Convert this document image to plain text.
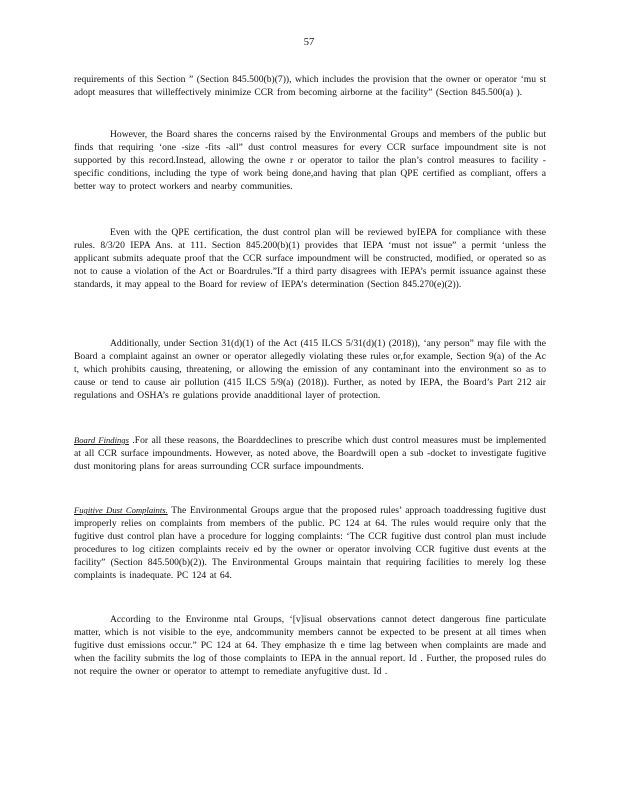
57

requirements of this Section ” (Section 845.500(b)(7)), which includes the provision that the owner or operator ‘mu st adopt measures that willeffectively minimize CCR from becoming airborne at the facility” (Section 845.500(a) ).

However, the Board shares the concerns raised by the Environmental Groups and members of the public but finds that requiring ‘one -size -fits -all” dust control measures for every CCR surface impoundment site is not supported by this record.Instead, allowing the owne r or operator to tailor the plan’s control measures to facility -specific conditions, including the type of work being done,and having that plan QPE certified as compliant, offers a better way to protect workers and nearby communities.

Even with the QPE certification, the dust control plan will be reviewed byIEPA for compliance with these rules. 8/3/20 IEPA Ans. at 111. Section 845.200(b)(1) provides that IEPA ‘must not issue” a permit ‘unless the applicant submits adequate proof that the CCR surface impoundment will be constructed, modified, or operated so as not to cause a violation of the Act or Boardrules.”If a third party disagrees with IEPA’s permit issuance against these standards, it may appeal to the Board for review of IEPA’s determination (Section 845.270(e)(2)).

Additionally, under Section 31(d)(1) of the Act (415 ILCS 5/31(d)(1) (2018)), ‘any person” may file with the Board a complaint against an owner or operator allegedly violating these rules or,for example, Section 9(a) of the Ac t, which prohibits causing, threatening, or allowing the emission of any contaminant into the environment so as to cause or tend to cause air pollution (415 ILCS 5/9(a) (2018)). Further, as noted by IEPA, the Board’s Part 212 air regulations and OSHA’s re gulations provide anadditional layer of protection.

Board Findings .For all these reasons, the Boarddeclines to prescribe which dust control measures must be implemented at all CCR surface impoundments. However, as noted above, the Boardwill open a sub -docket to investigate fugitive dust monitoring plans for areas surrounding CCR surface impoundments.

Fugitive Dust Complaints. The Environmental Groups argue that the proposed rules’ approach toaddressing fugitive dust improperly relies on complaints from members of the public. PC 124 at 64. The rules would require only that the fugitive dust control plan have a procedure for logging complaints: ‘The CCR fugitive dust control plan must include procedures to log citizen complaints receiv ed by the owner or operator involving CCR fugitive dust events at the facility” (Section 845.500(b)(2)). The Environmental Groups maintain that requiring facilities to merely log these complaints is inadequate. PC 124 at 64.

According to the Environme ntal Groups, ‘[v]isual observations cannot detect dangerous fine particulate matter, which is not visible to the eye, andcommunity members cannot be expected to be present at all times when fugitive dust emissions occur.” PC 124 at 64. They emphasize th e time lag between when complaints are made and when the facility submits the log of those complaints to IEPA in the annual report. Id . Further, the proposed rules do not require the owner or operator to attempt to remediate anyfugitive dust. Id .
